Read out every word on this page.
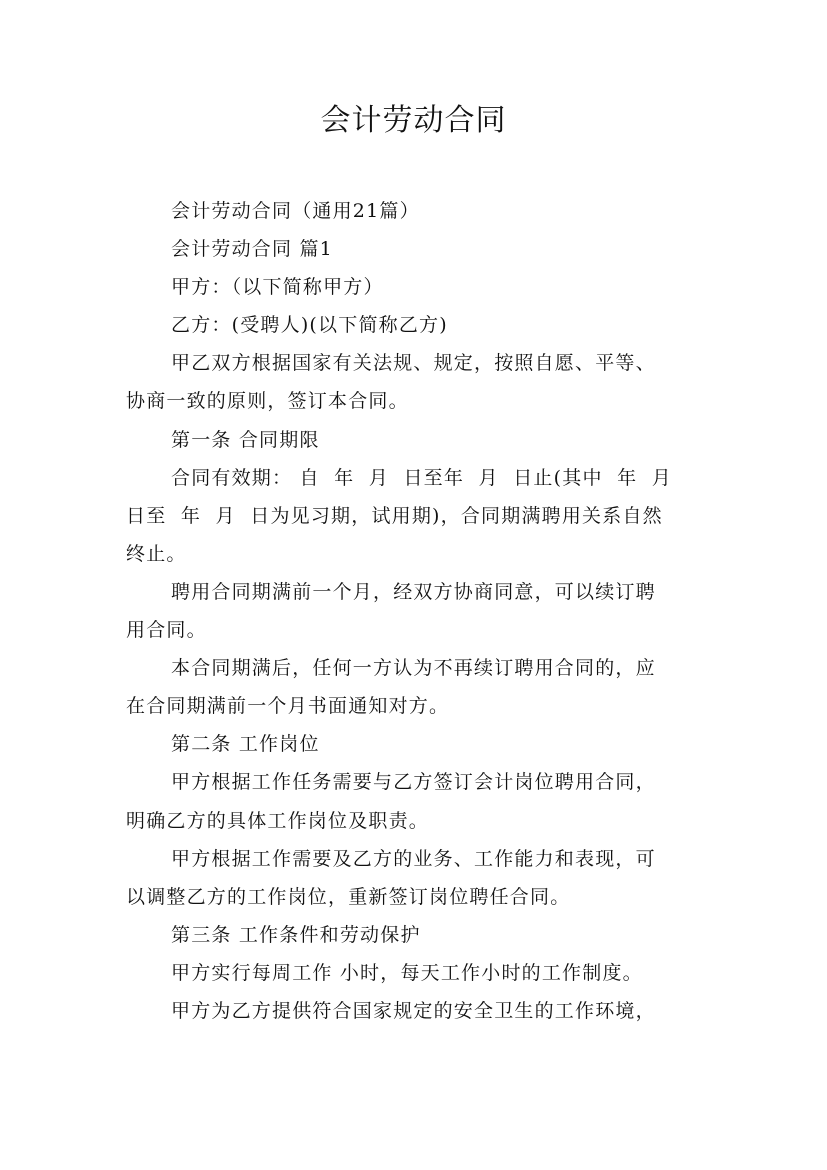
会计劳动合同
会计劳动合同（通用21篇）
会计劳动合同 篇1
甲方：（以下简称甲方）
乙方：(受聘人)(以下简称乙方)
甲乙双方根据国家有关法规、规定，按照自愿、平等、
协商一致的原则，签订本合同。
第一条 合同期限
合同有效期： 自  年  月  日至年  月  日止(其中  年  月
日至  年  月  日为见习期，试用期)，合同期满聘用关系自然
终止。
聘用合同期满前一个月，经双方协商同意，可以续订聘
用合同。
本合同期满后，任何一方认为不再续订聘用合同的，应
在合同期满前一个月书面通知对方。
第二条 工作岗位
甲方根据工作任务需要与乙方签订会计岗位聘用合同，
明确乙方的具体工作岗位及职责。
甲方根据工作需要及乙方的业务、工作能力和表现，可
以调整乙方的工作岗位，重新签订岗位聘任合同。
第三条 工作条件和劳动保护
甲方实行每周工作 小时，每天工作小时的工作制度。
甲方为乙方提供符合国家规定的安全卫生的工作环境，
